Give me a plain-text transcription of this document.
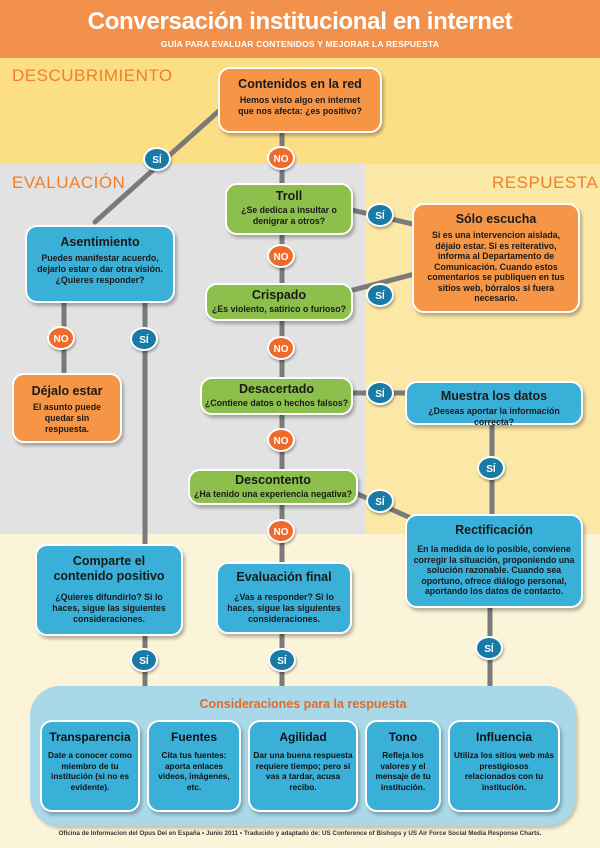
Conversación institucional en internet
GUÍA PARA EVALUAR CONTENIDOS Y MEJORAR LA RESPUESTA
DESCUBRIMIENTO
EVALUACIÓN	RESPUESTA
Contenidos en la red
Hemos visto algo en internet que nos afecta: ¿es positivo?
Troll
¿Se dedica a insultar o denigrar a otros?
Crispado
¿Es violento, satírico o furioso?
Desacertado
¿Contiene datos o hechos falsos?
Descontento
¿Ha tenido una experiencia negativa?
Asentimiento
Puedes manifestar acuerdo, dejarlo estar o dar otra visión. ¿Quieres responder?
Déjalo estar
El asunto puede quedar sin respuesta.
Sólo escucha
Si es una intervencion aislada, déjalo estar. Si es reiterativo, informa al Departamento de Comunicación. Cuando estos comentarios se publiquen en tus sitios web, bórralos si fuera necesario.
Muestra los datos
¿Deseas aportar la información correcta?
Rectificación
En la medida de lo posible, conviene corregir la situación, proponiendo una solución razonable. Cuando sea oportuno, ofrece diálogo personal, aportando los datos de contacto.
Comparte el contenido positivo
¿Quieres difundirlo? Si lo haces, sigue las siguientes consideraciones.
Evaluación final
¿Vas a responder? Si lo haces, sigue las siguientes consideraciones.
SÍ	NO
NO
NO
NO
NO
SÍ
SÍ
SÍ
SÍ
SÍ
SÍ
NO	SÍ
SÍ	SÍ
Consideraciones para la respuesta
Transparencia
Date a conocer como miembro de tu institución (si no es evidente).
Fuentes
Cita tus fuentes: aporta enlaces videos, imágenes, etc.
Agilidad
Dar una buena respuesta requiere tiempo; pero si vas a tardar, acusa recibo.
Tono
Refleja los valores y el mensaje de tu institución.
Influencia
Utiliza los sitios web más prestigiosos relacionados con tu institución.
Oficina de Informacion del Opus Dei en España • Junio 2011 • Traducido y adaptado de: US Conference of Bishops y US Air Force Social Media Response Charts.
